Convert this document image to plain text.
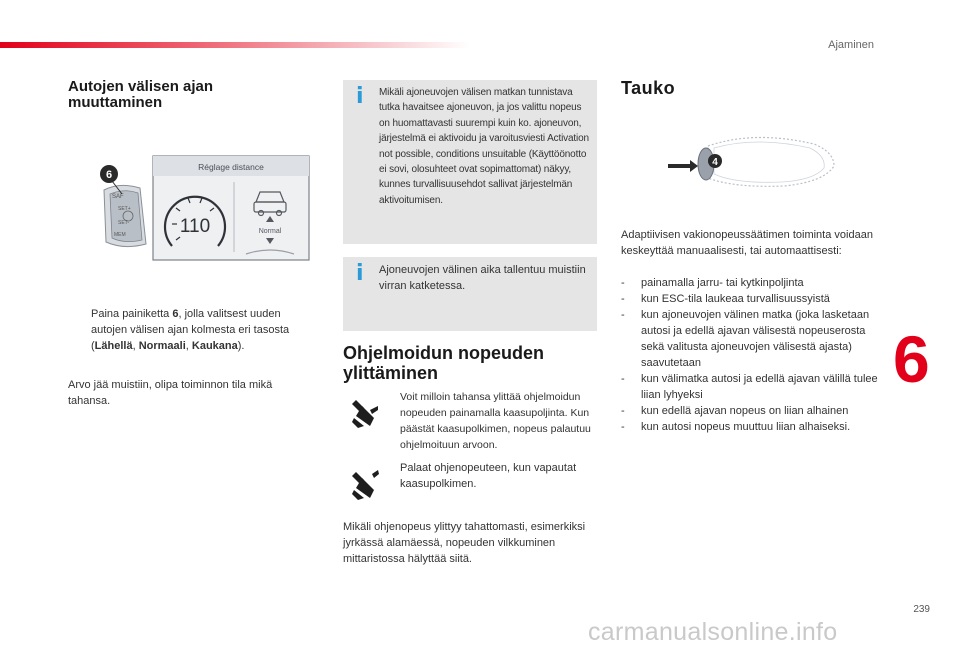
Ajaminen
Autojen välisen ajan muuttaminen
SAF
SET+
SET-
MEM
6
Réglage distance
110	Normal

Paina painiketta 6, jolla valitsest uuden autojen välisen ajan kolmesta eri tasosta (Lähellä, Normaali, Kaukana).

Arvo jää muistiin, olipa toiminnon tila mikä tahansa.

i Mikäli ajoneuvojen välisen matkan tunnistava tutka havaitsee ajoneuvon, ja jos valittu nopeus on huomattavasti suurempi kuin ko. ajoneuvon, järjestelmä ei aktivoidu ja varoitusviesti Activation not possible, conditions unsuitable (Käyttöönotto ei sovi, olosuhteet ovat sopimattomat) näkyy, kunnes turvallisuusehdot sallivat järjestelmän aktivoitumisen.

i Ajoneuvojen välinen aika tallentuu muistiin virran katketessa.

Ohjelmoidun nopeuden ylittäminen

Voit milloin tahansa ylittää ohjelmoidun nopeuden painamalla kaasupoljinta. Kun päästät kaasupolkimen, nopeus palautuu ohjelmoituun arvoon.

Palaat ohjenopeuteen, kun vapautat kaasupolkimen.

Mikäli ohjenopeus ylittyy tahattomasti, esimerkiksi jyrkässä alamäessä, nopeuden vilkkuminen mittaristossa hälyttää siitä.

Tauko
4

Adaptiivisen vakionopeussäätimen toiminta voidaan keskeyttää manuaalisesti, tai automaattisesti:

- painamalla jarru- tai kytkinpoljinta
- kun ESC-tila laukeaa turvallisuussyistä
- kun ajoneuvojen välinen matka (joka lasketaan autosi ja edellä ajavan välisestä nopeuserosta sekä valitusta ajoneuvojen välisestä ajasta) saavutetaan
- kun välimatka autosi ja edellä ajavan välillä tulee liian lyhyeksi
- kun edellä ajavan nopeus on liian alhainen
- kun autosi nopeus muuttuu liian alhaiseksi.
6
239
carmanualsonline.info
